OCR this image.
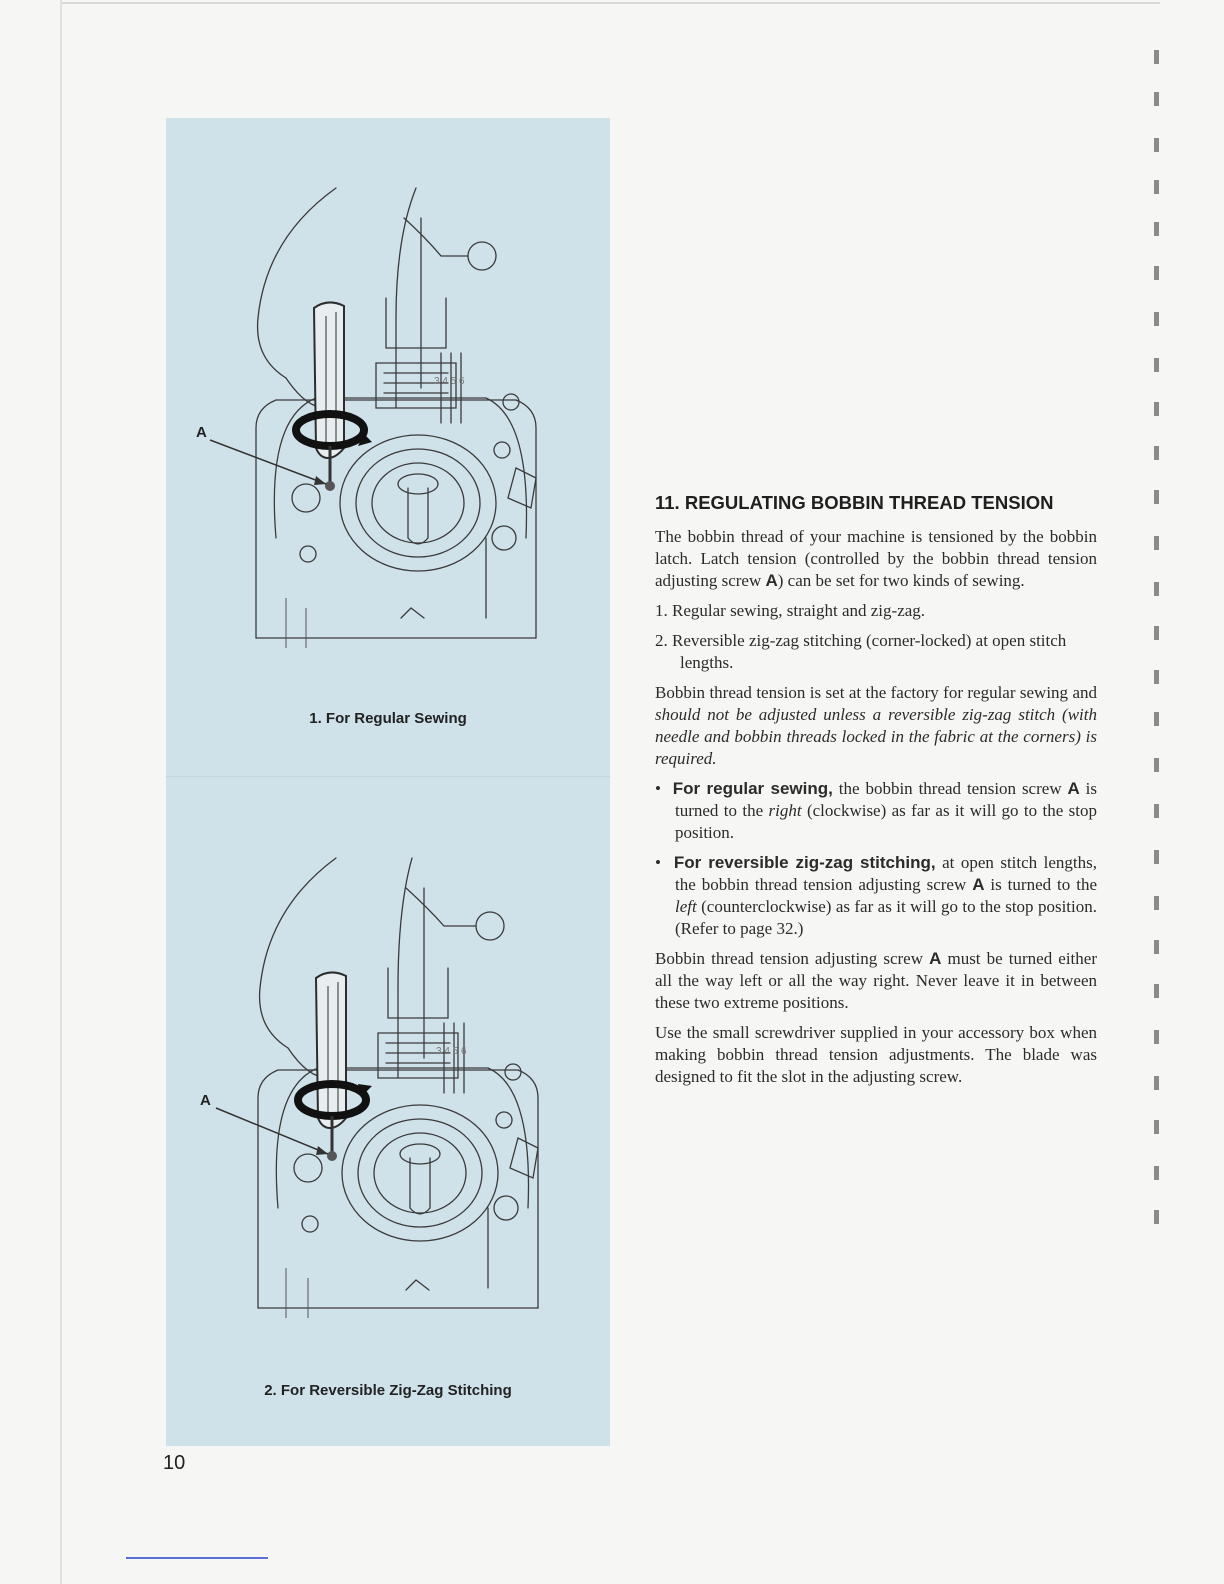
3 4 5 6
A
1. For Regular Sewing
3 4 5 6
A
2. For Reversible Zig-Zag Stitching
11. REGULATING BOBBIN THREAD TENSION

The bobbin thread of your machine is tensioned by the bobbin latch. Latch tension (controlled by the bobbin thread tension adjusting screw A) can be set for two kinds of sewing.

1. Regular sewing, straight and zig-zag.

2. Reversible zig-zag stitching (corner-locked) at open stitch lengths.

Bobbin thread tension is set at the factory for regular sewing and should not be adjusted unless a reversible zig-zag stitch (with needle and bobbin threads locked in the fabric at the corners) is required.

• For regular sewing, the bobbin thread tension screw A is turned to the right (clockwise) as far as it will go to the stop position.

• For reversible zig-zag stitching, at open stitch lengths, the bobbin thread tension adjusting screw A is turned to the left (counterclockwise) as far as it will go to the stop position. (Refer to page 32.)

Bobbin thread tension adjusting screw A must be turned either all the way left or all the way right. Never leave it in between these two extreme positions.

Use the small screwdriver supplied in your accessory box when making bobbin thread tension adjustments. The blade was designed to fit the slot in the adjusting screw.

10
